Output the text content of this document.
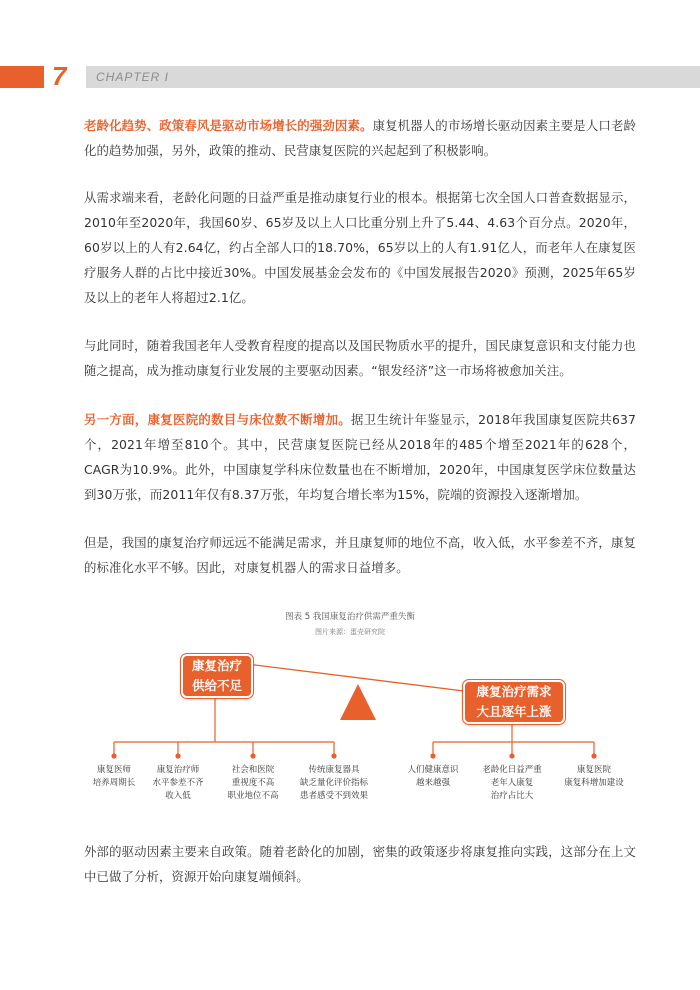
7 CHAPTER I

老龄化趋势、政策春风是驱动市场增长的强劲因素。康复机器人的市场增长驱动因素主要是人口老龄化的趋势加强，另外，政策的推动、民营康复医院的兴起起到了积极影响。

从需求端来看，老龄化问题的日益严重是推动康复行业的根本。根据第七次全国人口普查数据显示，2010年至2020年，我国60岁、65岁及以上人口比重分别上升了5.44、4.63个百分点。2020年，60岁以上的人有2.64亿，约占全部人口的18.70%，65岁以上的人有1.91亿人，而老年人在康复医疗服务人群的占比中接近30%。中国发展基金会发布的《中国发展报告2020》预测，2025年65岁及以上的老年人将超过2.1亿。

与此同时，随着我国老年人受教育程度的提高以及国民物质水平的提升，国民康复意识和支付能力也随之提高，成为推动康复行业发展的主要驱动因素。“银发经济”这一市场将被愈加关注。

另一方面，康复医院的数目与床位数不断增加。据卫生统计年鉴显示，2018年我国康复医院共637个，2021年增至810个。其中，民营康复医院已经从2018年的485个增至2021年的628个，CAGR为10.9%。此外，中国康复学科床位数量也在不断增加，2020年，中国康复医学床位数量达到30万张，而2011年仅有8.37万张，年均复合增长率为15%，院端的资源投入逐渐增加。

但是，我国的康复治疗师远远不能满足需求，并且康复师的地位不高，收入低，水平参差不齐，康复的标准化水平不够。因此，对康复机器人的需求日益增多。

图表 5 我国康复治疗供需严重失衡
图片来源：蛋壳研究院
康复治疗
供给不足	康复治疗需求
大且逐年上涨
康复医师
培养周期长
康复治疗师
水平参差不齐
收入低
社会和医院
重视度不高
职业地位不高
传统康复器具
缺乏量化评价指标
患者感受不到效果
人们健康意识
越来越强
老龄化日益严重
老年人康复
治疗占比大
康复医院
康复科增加建设

外部的驱动因素主要来自政策。随着老龄化的加剧，密集的政策逐步将康复推向实践，这部分在上文中已做了分析，资源开始向康复端倾斜。
